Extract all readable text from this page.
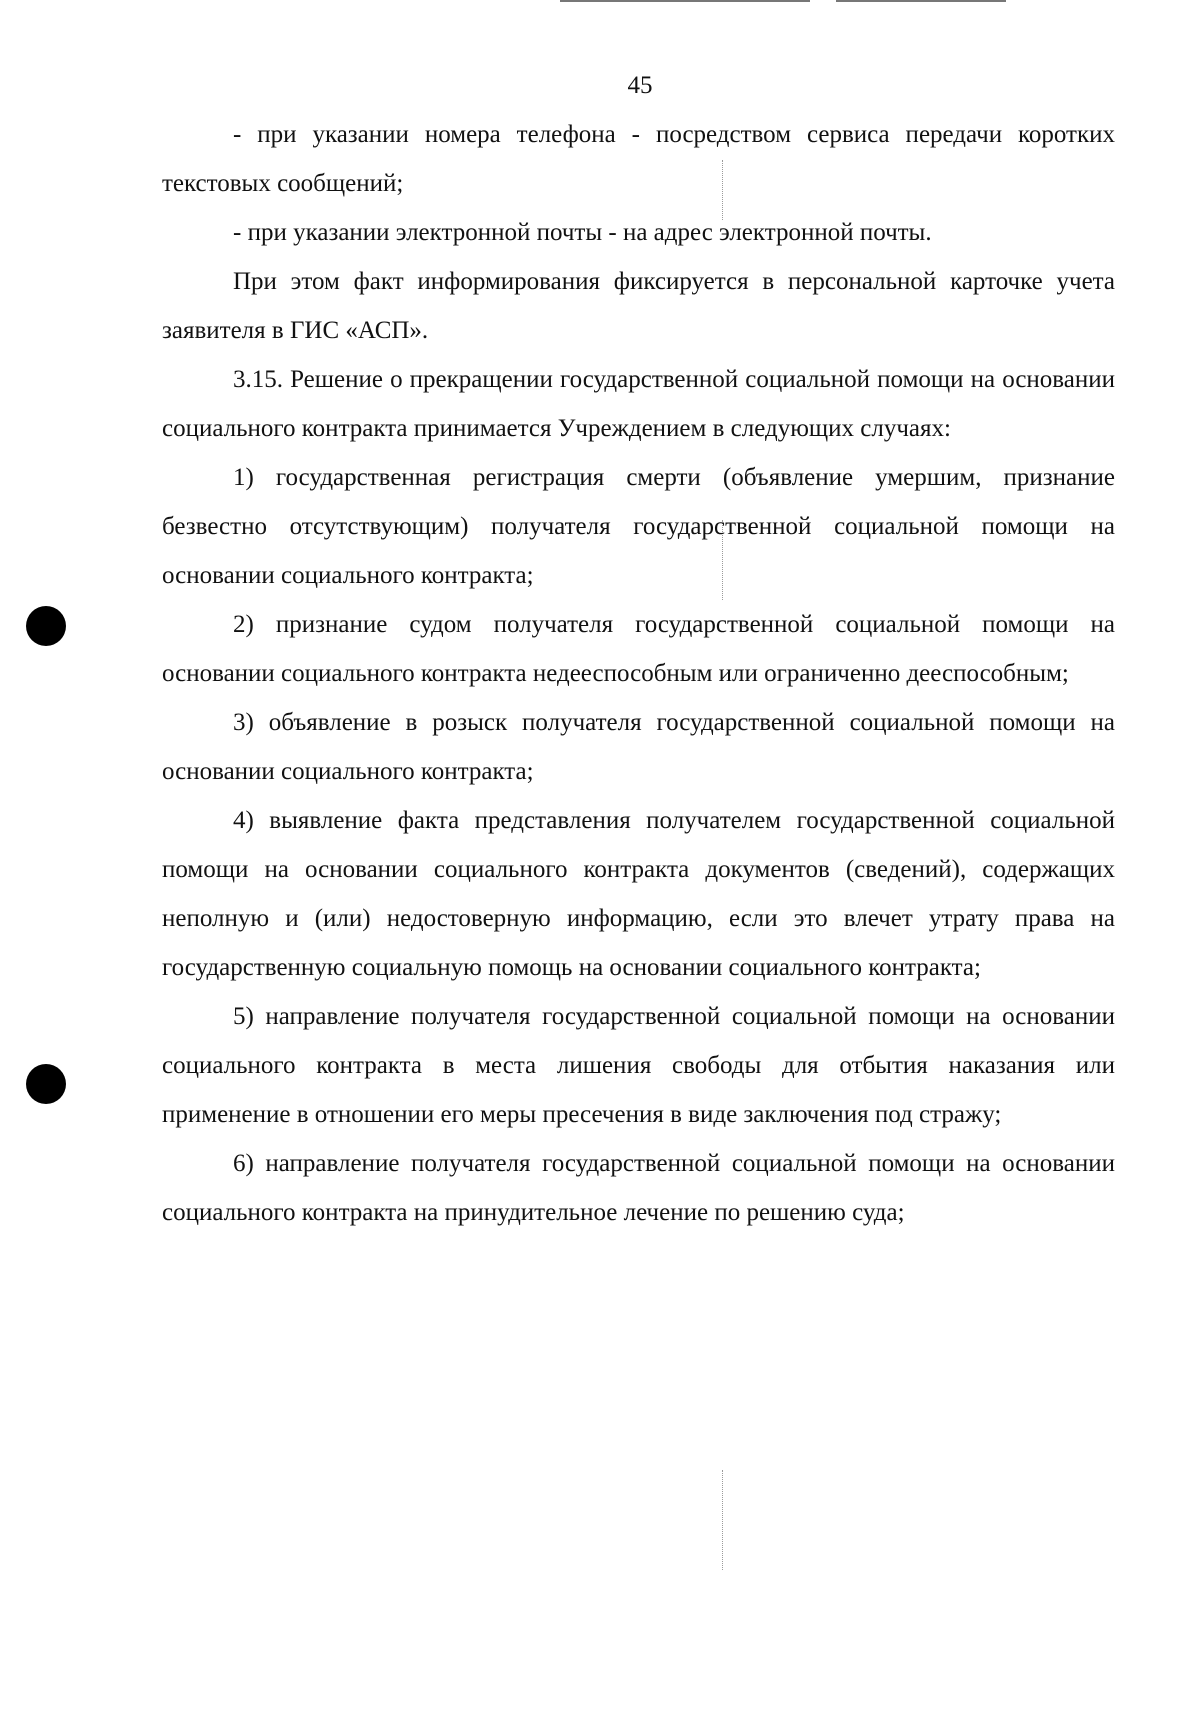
45

- при указании номера телефона - посредством сервиса передачи коротких текстовых сообщений;

- при указании электронной почты - на адрес электронной почты.

При этом факт информирования фиксируется в персональной карточке учета заявителя в ГИС «АСП».

3.15. Решение о прекращении государственной социальной помощи на основании социального контракта принимается Учреждением в следующих случаях:

1) государственная регистрация смерти (объявление умершим, признание безвестно отсутствующим) получателя государственной социальной помощи на основании социального контракта;

2) признание судом получателя государственной социальной помощи на основании социального контракта недееспособным или ограниченно дееспособным;

3) объявление в розыск получателя государственной социальной помощи на основании социального контракта;

4) выявление факта представления получателем государственной социальной помощи на основании социального контракта документов (сведений), содержащих неполную и (или) недостоверную информацию, если это влечет утрату права на государственную социальную помощь на основании социального контракта;

5) направление получателя государственной социальной помощи на основании социального контракта в места лишения свободы для отбытия наказания или применение в отношении его меры пресечения в виде заключения под стражу;

6) направление получателя государственной социальной помощи на основании социального контракта на принудительное лечение по решению суда;
